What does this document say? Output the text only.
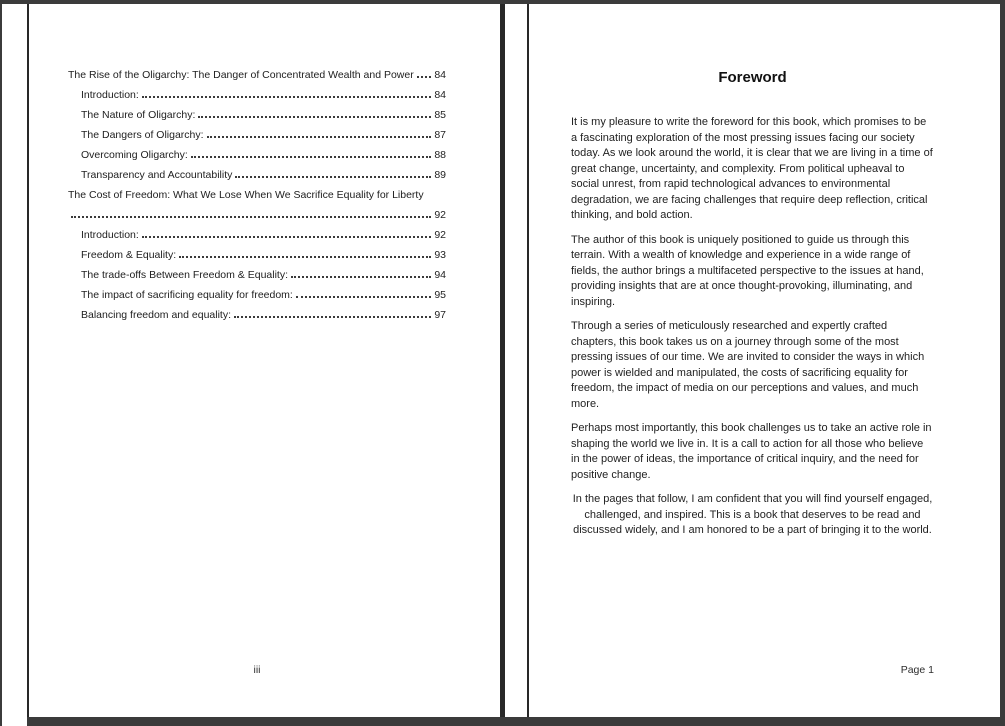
The Rise of the Oligarchy: The Danger of Concentrated Wealth and Power 84
Introduction:	84
The Nature of Oligarchy:	85
The Dangers of Oligarchy:	87
Overcoming Oligarchy:	88
Transparency and Accountability	89
The Cost of Freedom: What We Lose When We Sacrifice Equality for Liberty
92
Introduction:	92
Freedom & Equality:	93
The trade-offs Between Freedom & Equality:	94
The impact of sacrificing equality for freedom:	95
Balancing freedom and equality:	97
iii
Foreword

It is my pleasure to write the foreword for this book, which promises to be a fascinating exploration of the most pressing issues facing our society today. As we look around the world, it is clear that we are living in a time of great change, uncertainty, and complexity. From political upheaval to social unrest, from rapid technological advances to environmental degradation, we are facing challenges that require deep reflection, critical thinking, and bold action.

The author of this book is uniquely positioned to guide us through this terrain. With a wealth of knowledge and experience in a wide range of fields, the author brings a multifaceted perspective to the issues at hand, providing insights that are at once thought-provoking, illuminating, and inspiring.

Through a series of meticulously researched and expertly crafted chapters, this book takes us on a journey through some of the most pressing issues of our time. We are invited to consider the ways in which power is wielded and manipulated, the costs of sacrificing equality for freedom, the impact of media on our perceptions and values, and much more.

Perhaps most importantly, this book challenges us to take an active role in shaping the world we live in. It is a call to action for all those who believe in the power of ideas, the importance of critical inquiry, and the need for positive change.

In the pages that follow, I am confident that you will find yourself engaged, challenged, and inspired. This is a book that deserves to be read and discussed widely, and I am honored to be a part of bringing it to the world.

Page 1
